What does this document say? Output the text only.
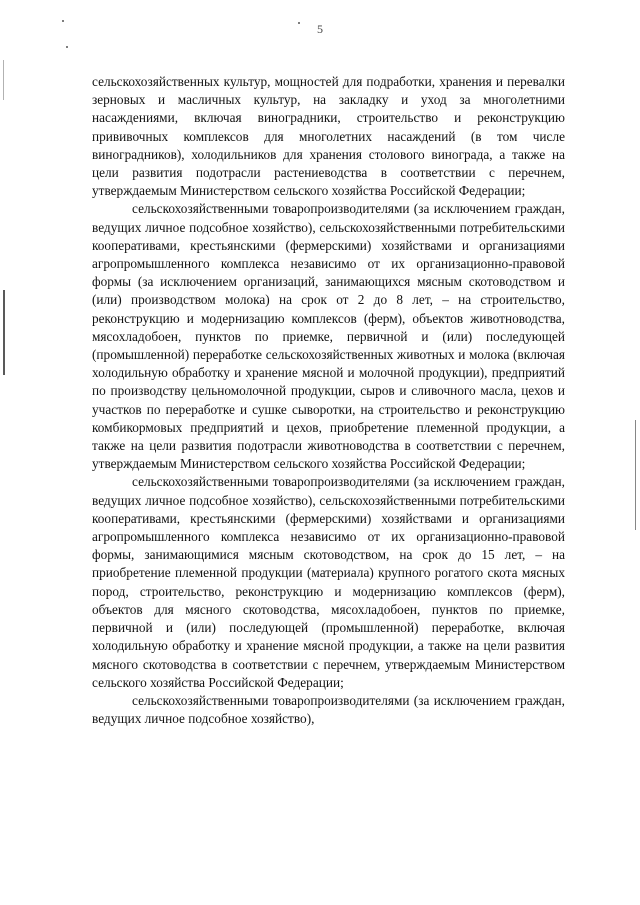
5

сельскохозяйственных культур, мощностей для подработки, хранения и перевалки зерновых и масличных культур, на закладку и уход за многолетними насаждениями, включая виноградники, строительство и реконструкцию прививочных комплексов для многолетних насаждений (в том числе виноградников), холодильников для хранения столового винограда, а также на цели развития подотрасли растениеводства в соответствии с перечнем, утверждаемым Министерством сельского хозяйства Российской Федерации;

сельскохозяйственными товаропроизводителями (за исключением граждан, ведущих личное подсобное хозяйство), сельскохозяйственными потребительскими кооперативами, крестьянскими (фермерскими) хозяйствами и организациями агропромышленного комплекса независимо от их организационно-правовой формы (за исключением организаций, занимающихся мясным скотоводством и (или) производством молока) на срок от 2 до 8 лет, – на строительство, реконструкцию и модернизацию комплексов (ферм), объектов животноводства, мясохладобоен, пунктов по приемке, первичной и (или) последующей (промышленной) переработке сельскохозяйственных животных и молока (включая холодильную обработку и хранение мясной и молочной продукции), предприятий по производству цельномолочной продукции, сыров и сливочного масла, цехов и участков по переработке и сушке сыворотки, на строительство и реконструкцию комбикормовых предприятий и цехов, приобретение племенной продукции, а также на цели развития подотрасли животноводства в соответствии с перечнем, утверждаемым Министерством сельского хозяйства Российской Федерации;

сельскохозяйственными товаропроизводителями (за исключением граждан, ведущих личное подсобное хозяйство), сельскохозяйственными потребительскими кооперативами, крестьянскими (фермерскими) хозяйствами и организациями агропромышленного комплекса независимо от их организационно-правовой формы, занимающимися мясным скотоводством, на срок до 15 лет, – на приобретение племенной продукции (материала) крупного рогатого скота мясных пород, строительство, реконструкцию и модернизацию комплексов (ферм), объектов для мясного скотоводства, мясохладобоен, пунктов по приемке, первичной и (или) последующей (промышленной) переработке, включая холодильную обработку и хранение мясной продукции, а также на цели развития мясного скотоводства в соответствии с перечнем, утверждаемым Министерством сельского хозяйства Российской Федерации;

сельскохозяйственными товаропроизводителями (за исключением граждан, ведущих личное подсобное хозяйство),
